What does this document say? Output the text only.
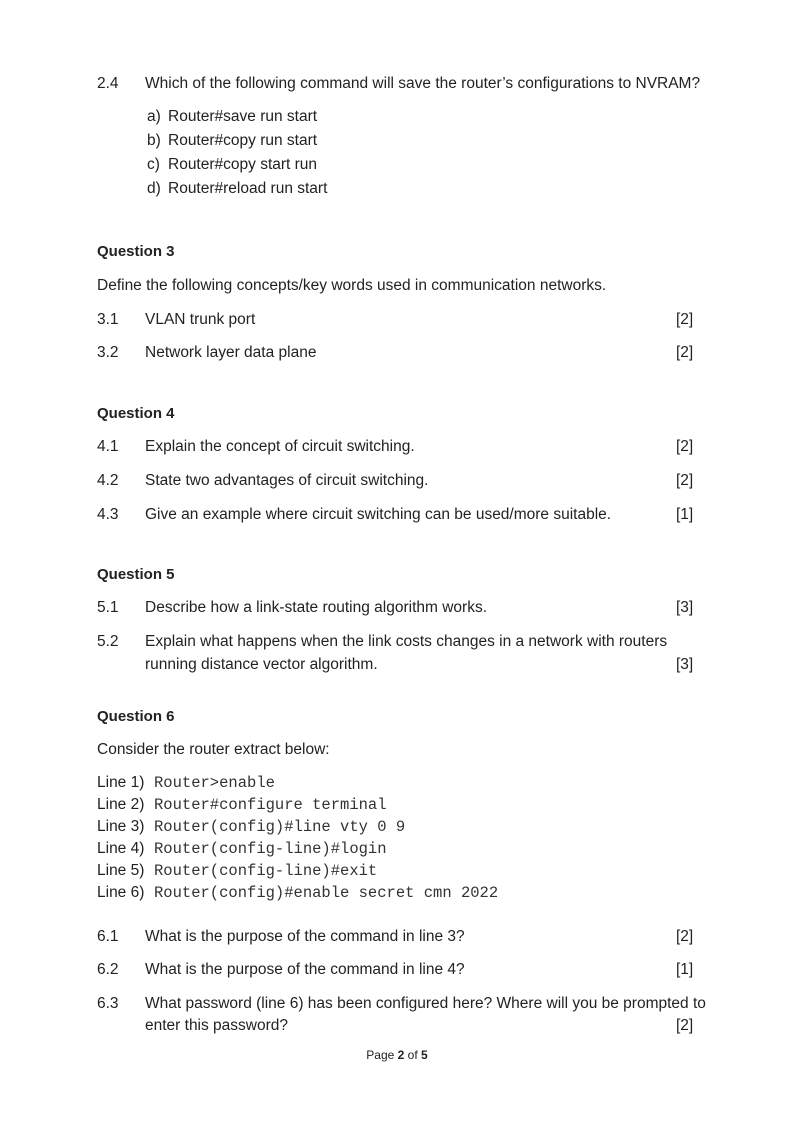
2.4 Which of the following command will save the router’s configurations to NVRAM?
a) Router#save run start
b) Router#copy run start
c) Router#copy start run
d) Router#reload run start
Question 3
Define the following concepts/key words used in communication networks.
3.1 VLAN trunk port	[2]
3.2 Network layer data plane	[2]
Question 4
4.1 Explain the concept of circuit switching.	[2]
4.2 State two advantages of circuit switching.	[2]
4.3 Give an example where circuit switching can be used/more suitable.	[1]
Question 5
5.1 Describe how a link-state routing algorithm works.	[3]
5.2 Explain what happens when the link costs changes in a network with routers
running distance vector algorithm.	[3]
Question 6
Consider the router extract below:
Line 1) Router>enable
Line 2) Router#configure terminal
Line 3) Router(config)#line vty 0 9
Line 4) Router(config-line)#login
Line 5) Router(config-line)#exit
Line 6) Router(config)#enable secret cmn 2022
6.1 What is the purpose of the command in line 3?	[2]
6.2 What is the purpose of the command in line 4?	[1]
6.3 What password (line 6) has been configured here? Where will you be prompted to
enter this password?	[2]
Page 2 of 5
